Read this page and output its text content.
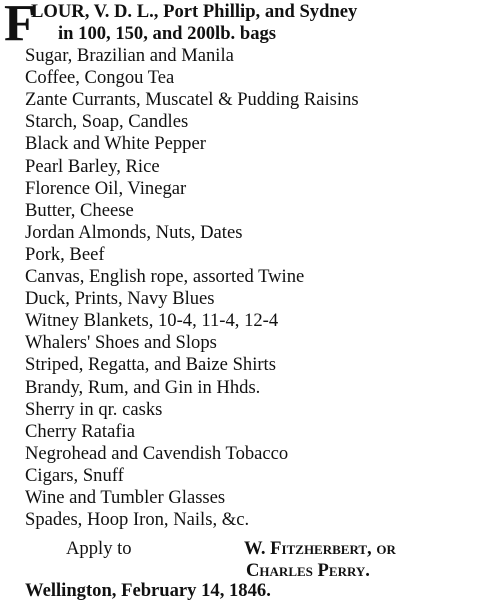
F
LOUR, V. D. L., Port Phillip, and Sydney
in 100, 150, and 200lb. bags
Sugar, Brazilian and Manila
Coffee, Congou Tea
Zante Currants, Muscatel & Pudding Raisins
Starch, Soap, Candles
Black and White Pepper
Pearl Barley, Rice
Florence Oil, Vinegar
Butter, Cheese
Jordan Almonds, Nuts, Dates
Pork, Beef
Canvas, English rope, assorted Twine
Duck, Prints, Navy Blues
Witney Blankets, 10-4, 11-4, 12-4
Whalers' Shoes and Slops
Striped, Regatta, and Baize Shirts
Brandy, Rum, and Gin in Hhds.
Sherry in qr. casks
Cherry Ratafia
Negrohead and Cavendish Tobacco
Cigars, Snuff
Wine and Tumbler Glasses
Spades, Hoop Iron, Nails, &c.
Apply to	W. Fitzherbert, or
Charles Perry.
Wellington, February 14, 1846.
